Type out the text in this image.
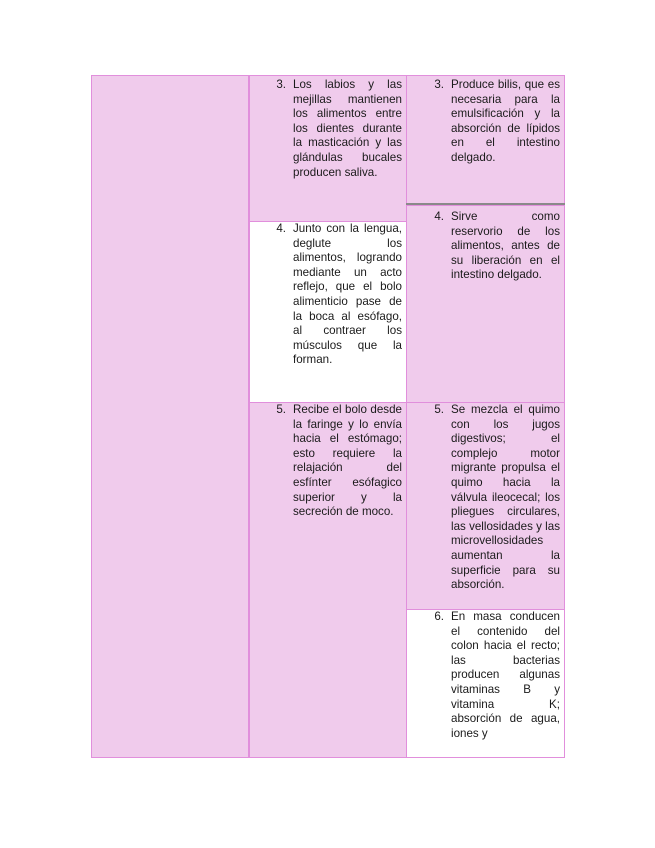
3. Los labios y las mejillas mantienen los alimentos entre los dientes durante la masticación y las glándulas bucales producen saliva.
4. Junto con la lengua, deglute los alimentos, logrando mediante un acto reflejo, que el bolo alimenticio pase de la boca al esófago, al contraer los músculos que la forman.
5. Recibe el bolo desde la faringe y lo envía hacia el estómago; esto requiere la relajación del esfínter esófagico superior y la secreción de moco.
3. Produce bilis, que es necesaria para la emulsificación y la absorción de lípidos en el intestino delgado.
4. Sirve como reservorio de los alimentos, antes de su liberación en el intestino delgado.
5. Se mezcla el quimo con los jugos digestivos; el complejo motor migrante propulsa el quimo hacia la válvula ileocecal; los pliegues circulares, las vellosidades y las microvellosidades aumentan la superficie para su absorción.
6. En masa conducen el contenido del colon hacia el recto; las bacterias producen algunas vitaminas B y vitamina K; absorción de agua, iones y
